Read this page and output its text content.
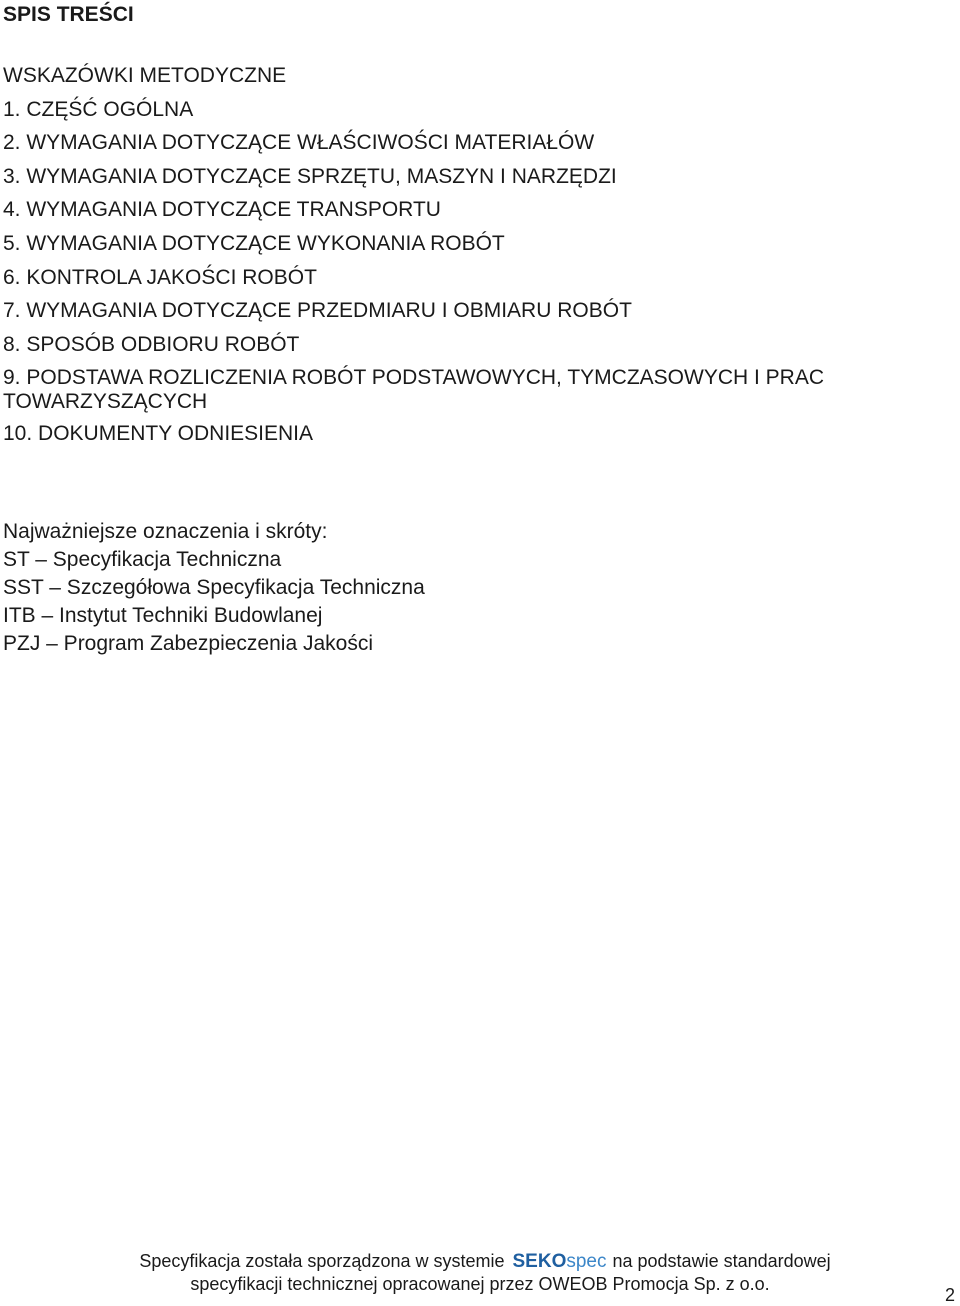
SPIS TREŚCI
WSKAZÓWKI METODYCZNE
1. CZĘŚĆ OGÓLNA
2. WYMAGANIA DOTYCZĄCE WŁAŚCIWOŚCI MATERIAŁÓW
3. WYMAGANIA DOTYCZĄCE SPRZĘTU, MASZYN I NARZĘDZI
4. WYMAGANIA DOTYCZĄCE TRANSPORTU
5. WYMAGANIA DOTYCZĄCE WYKONANIA ROBÓT
6. KONTROLA JAKOŚCI ROBÓT
7. WYMAGANIA DOTYCZĄCE PRZEDMIARU I OBMIARU ROBÓT
8. SPOSÓB ODBIORU ROBÓT
9. PODSTAWA ROZLICZENIA ROBÓT PODSTAWOWYCH, TYMCZASOWYCH I PRAC TOWARZYSZĄCYCH
10. DOKUMENTY ODNIESIENIA

Najważniejsze oznaczenia i skróty:

ST – Specyfikacja Techniczna
SST – Szczegółowa Specyfikacja Techniczna
ITB – Instytut Techniki Budowlanej
PZJ – Program Zabezpieczenia Jakości
Specyfikacja została sporządzona w systemie SEKOspec na podstawie standardowej
specyfikacji technicznej opracowanej przez OWEOB Promocja Sp. z o.o.
2
